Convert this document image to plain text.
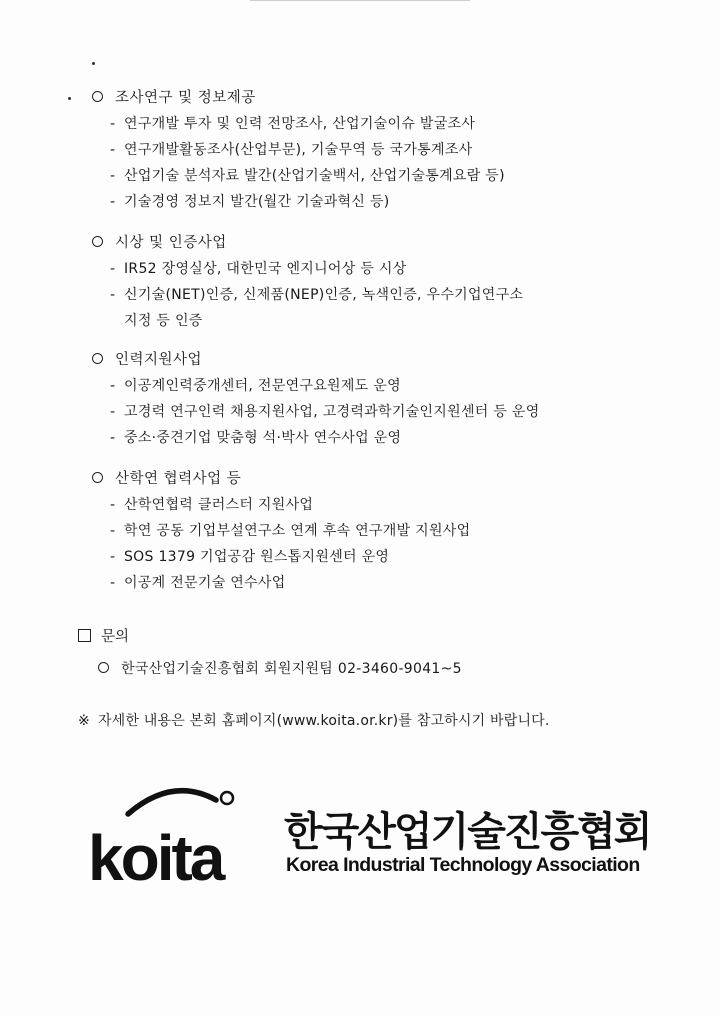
조사연구 및 정보제공
- 연구개발 투자 및 인력 전망조사, 산업기술이슈 발굴조사
- 연구개발활동조사(산업부문), 기술무역 등 국가통계조사
- 산업기술 분석자료 발간(산업기술백서, 산업기술통계요람 등)
- 기술경영 정보지 발간(월간 기술과혁신 등)
시상 및 인증사업
- IR52 장영실상, 대한민국 엔지니어상 등 시상
- 신기술(NET)인증, 신제품(NEP)인증, 녹색인증, 우수기업연구소
지정 등 인증
인력지원사업
- 이공계인력중개센터, 전문연구요원제도 운영
- 고경력 연구인력 채용지원사업, 고경력과학기술인지원센터 등 운영
- 중소·중견기업 맞춤형 석·박사 연수사업 운영
산학연 협력사업 등
- 산학연협력 클러스터 지원사업
- 학연 공동 기업부설연구소 연계 후속 연구개발 지원사업
- SOS 1379 기업공감 원스톱지원센터 운영
- 이공계 전문기술 연수사업
문의
한국산업기술진흥협회 회원지원팀 02-3460-9041~5
※ 자세한 내용은 본회 홈페이지(www.koita.or.kr)를 참고하시기 바랍니다.
koita 한국산업기술진흥협회
Korea Industrial Technology Association
